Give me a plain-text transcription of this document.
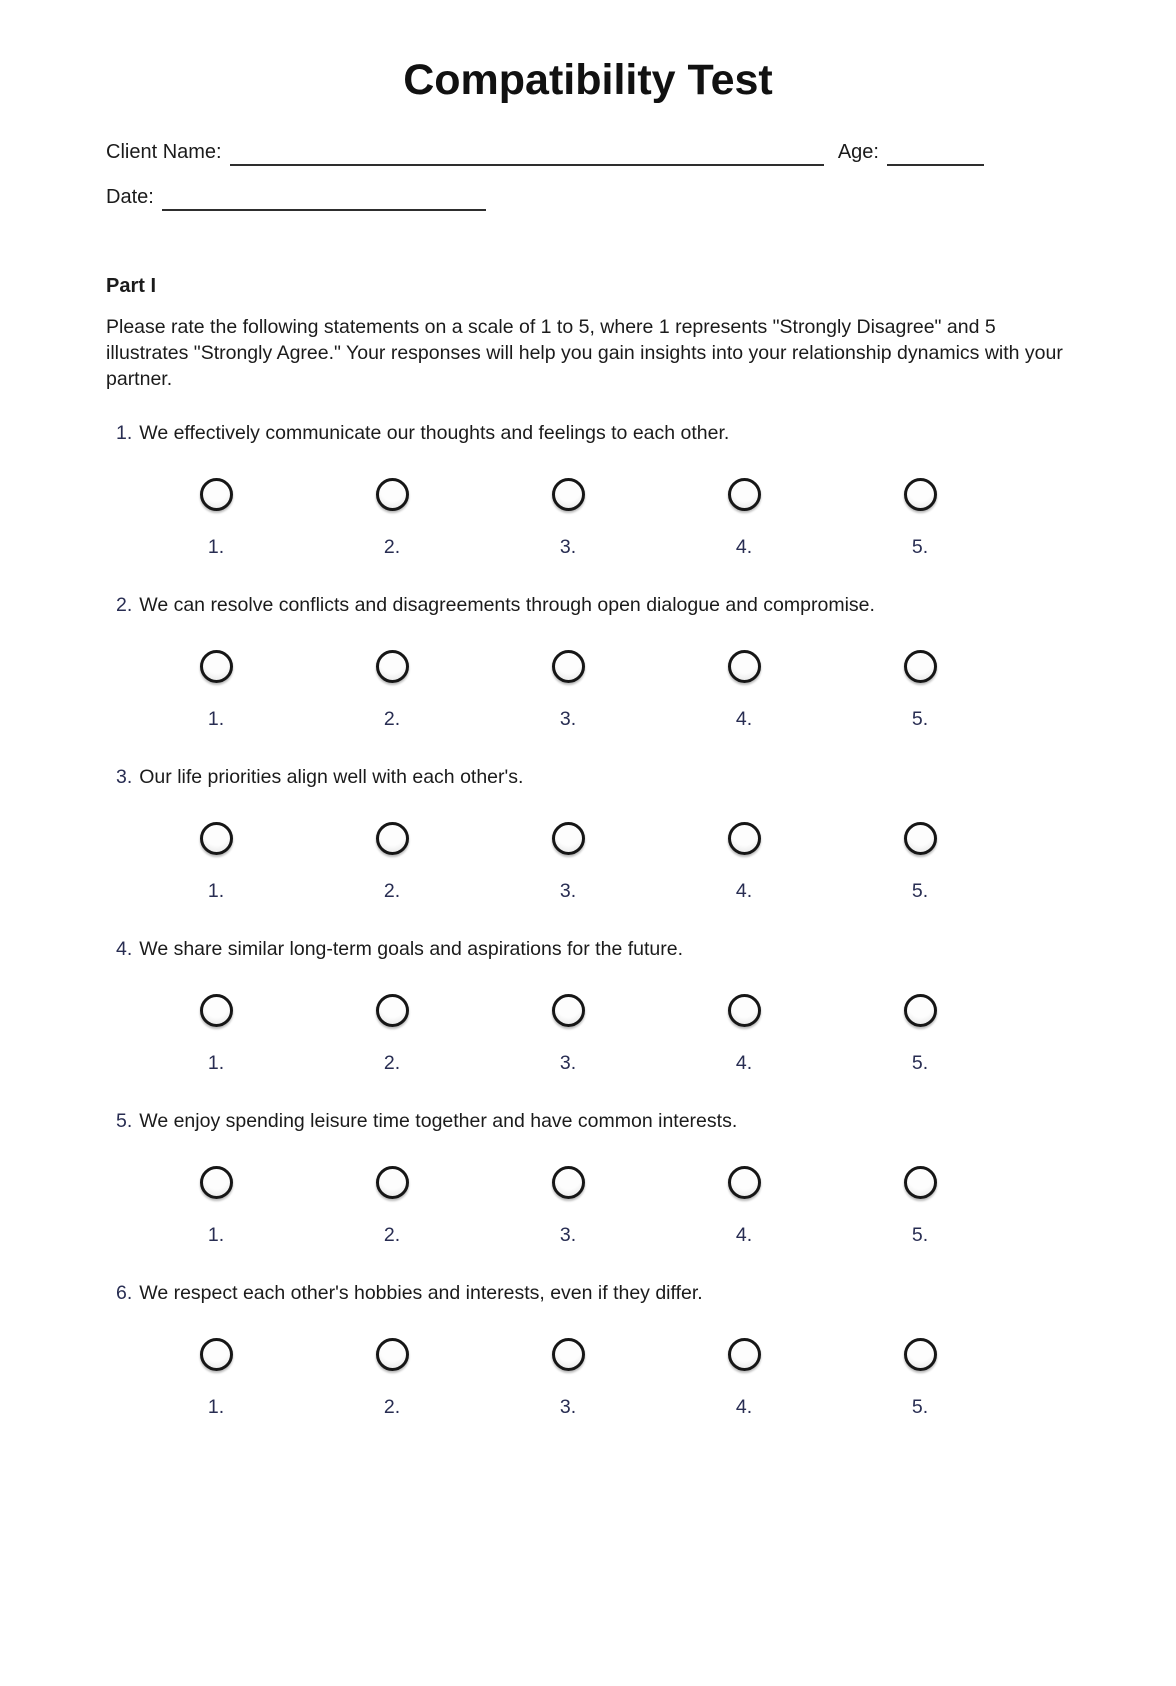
Compatibility Test
Client Name:	Age:
Date:
Part I

Please rate the following statements on a scale of 1 to 5, where 1 represents "Strongly Disagree" and 5 illustrates "Strongly Agree." Your responses will help you gain insights into your relationship dynamics with your partner.

1. We effectively communicate our thoughts and feelings to each other.
1.	2.	3.	4.	5.
2. We can resolve conflicts and disagreements through open dialogue and compromise.
1.	2.	3.	4.	5.
3. Our life priorities align well with each other's.
1.	2.	3.	4.	5.
4. We share similar long-term goals and aspirations for the future.
1.	2.	3.	4.	5.
5. We enjoy spending leisure time together and have common interests.
1.	2.	3.	4.	5.
6. We respect each other's hobbies and interests, even if they differ.
1.	2.	3.	4.	5.
